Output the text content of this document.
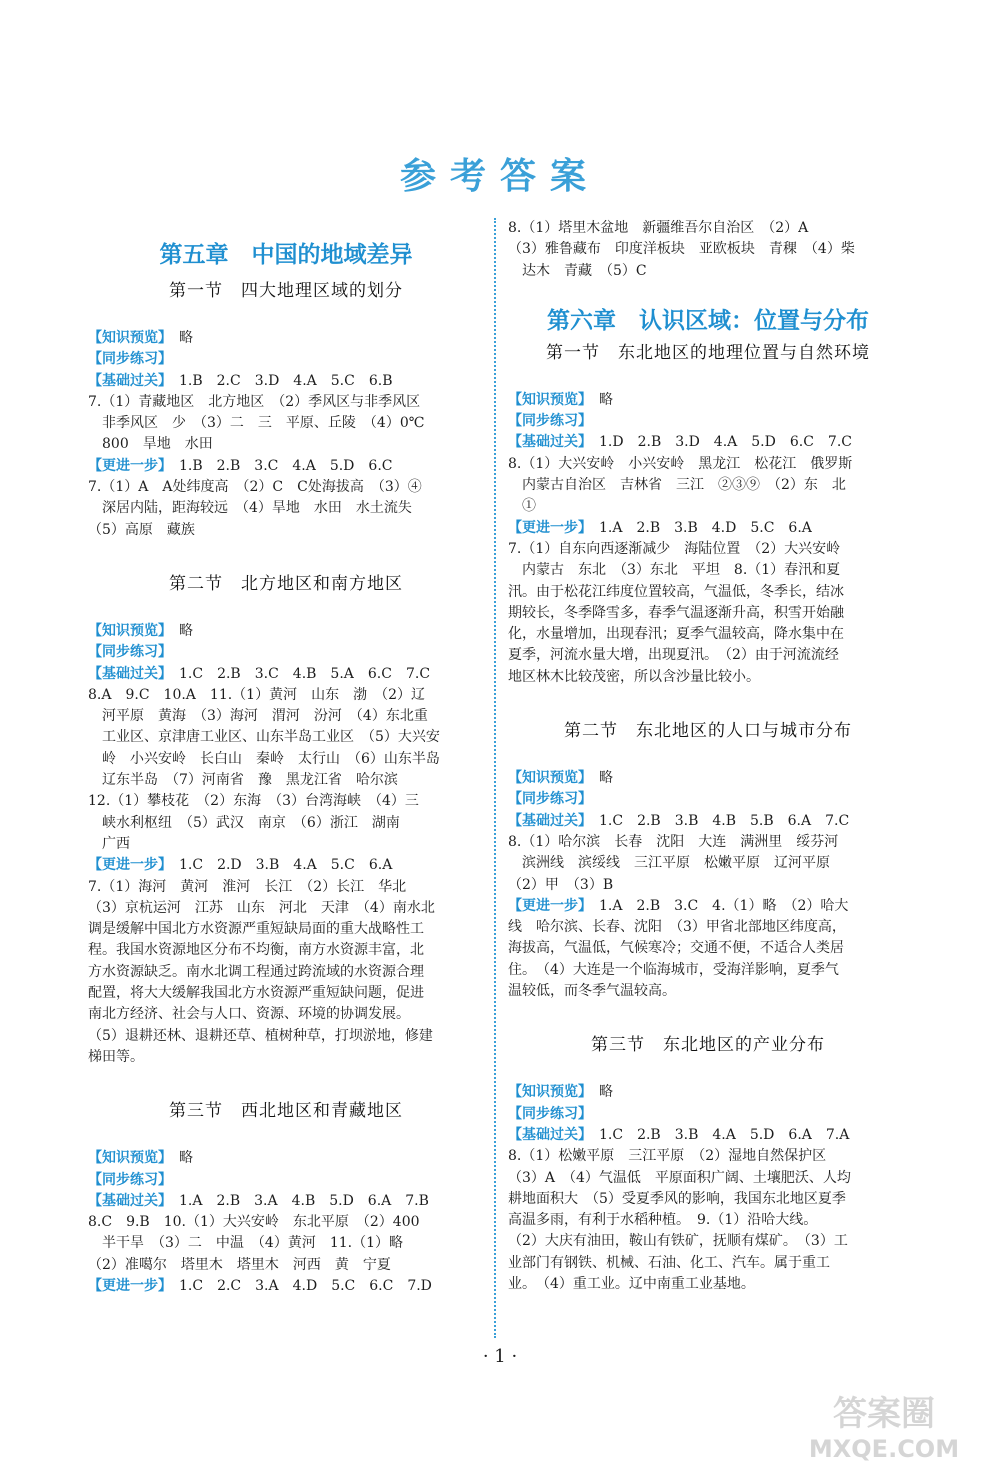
参考答案
第五章　中国的地域差异
第一节　四大地理区域的划分
【知识预览】　略
【同步练习】
【基础过关】　1.B　2.C　3.D　4.A　5.C　6.B
7.（1）青藏地区　北方地区　（2）季风区与非季风区
　非季风区　少　（3）二　三　平原、丘陵　（4）0℃
　800　旱地　水田
【更进一步】　1.B　2.B　3.C　4.A　5.D　6.C
7.（1）A　A处纬度高　（2）C　C处海拔高　（3）④
　深居内陆，距海较远　（4）旱地　水田　水土流失
（5）高原　藏族
第二节　北方地区和南方地区
【知识预览】　略
【同步练习】
【基础过关】　1.C　2.B　3.C　4.B　5.A　6.C　7.C
8.A　9.C　10.A　11.（1）黄河　山东　渤　（2）辽
　河平原　黄海　（3）海河　渭河　汾河　（4）东北重
　工业区、京津唐工业区、山东半岛工业区　（5）大兴安
　岭　小兴安岭　长白山　秦岭　太行山　（6）山东半岛
　辽东半岛　（7）河南省　豫　黑龙江省　哈尔滨
12.（1）攀枝花　（2）东海　（3）台湾海峡　（4）三
　峡水利枢纽　（5）武汉　南京　（6）浙江　湖南
　广西
【更进一步】　1.C　2.D　3.B　4.A　5.C　6.A
7.（1）海河　黄河　淮河　长江　（2）长江　华北
（3）京杭运河　江苏　山东　河北　天津　（4）南水北
调是缓解中国北方水资源严重短缺局面的重大战略性工
程。我国水资源地区分布不均衡，南方水资源丰富，北
方水资源缺乏。南水北调工程通过跨流域的水资源合理
配置，将大大缓解我国北方水资源严重短缺问题，促进
南北方经济、社会与人口、资源、环境的协调发展。
（5）退耕还林、退耕还草、植树种草，打坝淤地，修建
梯田等。
第三节　西北地区和青藏地区
【知识预览】　略
【同步练习】
【基础过关】　1.A　2.B　3.A　4.B　5.D　6.A　7.B
8.C　9.B　10.（1）大兴安岭　东北平原　（2）400
　半干旱　（3）二　中温　（4）黄河　11.（1）略
（2）准噶尔　塔里木　塔里木　河西　黄　宁夏
【更进一步】　1.C　2.C　3.A　4.D　5.C　6.C　7.D
8.（1）塔里木盆地　新疆维吾尔自治区　（2）A
（3）雅鲁藏布　印度洋板块　亚欧板块　青稞　（4）柴
　达木　青藏　（5）C
第六章　认识区域：位置与分布
第一节　东北地区的地理位置与自然环境
【知识预览】　略
【同步练习】
【基础过关】　1.D　2.B　3.D　4.A　5.D　6.C　7.C
8.（1）大兴安岭　小兴安岭　黑龙江　松花江　俄罗斯
　内蒙古自治区　吉林省　三江　②③⑨　（2）东　北
　①
【更进一步】　1.A　2.B　3.B　4.D　5.C　6.A
7.（1）自东向西逐渐减少　海陆位置　（2）大兴安岭
　内蒙古　东北　（3）东北　平坦　8.（1）春汛和夏
汛。由于松花江纬度位置较高，气温低，冬季长，结冰
期较长，冬季降雪多，春季气温逐渐升高，积雪开始融
化，水量增加，出现春汛；夏季气温较高，降水集中在
夏季，河流水量大增，出现夏汛。　（2）由于河流流经
地区林木比较茂密，所以含沙量比较小。
第二节　东北地区的人口与城市分布
【知识预览】　略
【同步练习】
【基础过关】　1.C　2.B　3.B　4.B　5.B　6.A　7.C
8.（1）哈尔滨　长春　沈阳　大连　满洲里　绥芬河
　滨洲线　滨绥线　三江平原　松嫩平原　辽河平原
（2）甲　（3）B
【更进一步】　1.A　2.B　3.C　4.（1）略　（2）哈大
线　哈尔滨、长春、沈阳　（3）甲省北部地区纬度高，
海拔高，气温低，气候寒冷；交通不便，不适合人类居
住。　（4）大连是一个临海城市，受海洋影响，夏季气
温较低，而冬季气温较高。
第三节　东北地区的产业分布
【知识预览】　略
【同步练习】
【基础过关】　1.C　2.B　3.B　4.A　5.D　6.A　7.A
8.（1）松嫩平原　三江平原　（2）湿地自然保护区
（3）A　（4）气温低　平原面积广阔、土壤肥沃、人均
耕地面积大　（5）受夏季风的影响，我国东北地区夏季
高温多雨，有利于水稻种植。　9.（1）沿哈大线。
（2）大庆有油田，鞍山有铁矿，抚顺有煤矿。　（3）工
业部门有钢铁、机械、石油、化工、汽车。属于重工
业。　（4）重工业。辽中南重工业基地。
· 1 ·
答案圈
MXQE.COM
